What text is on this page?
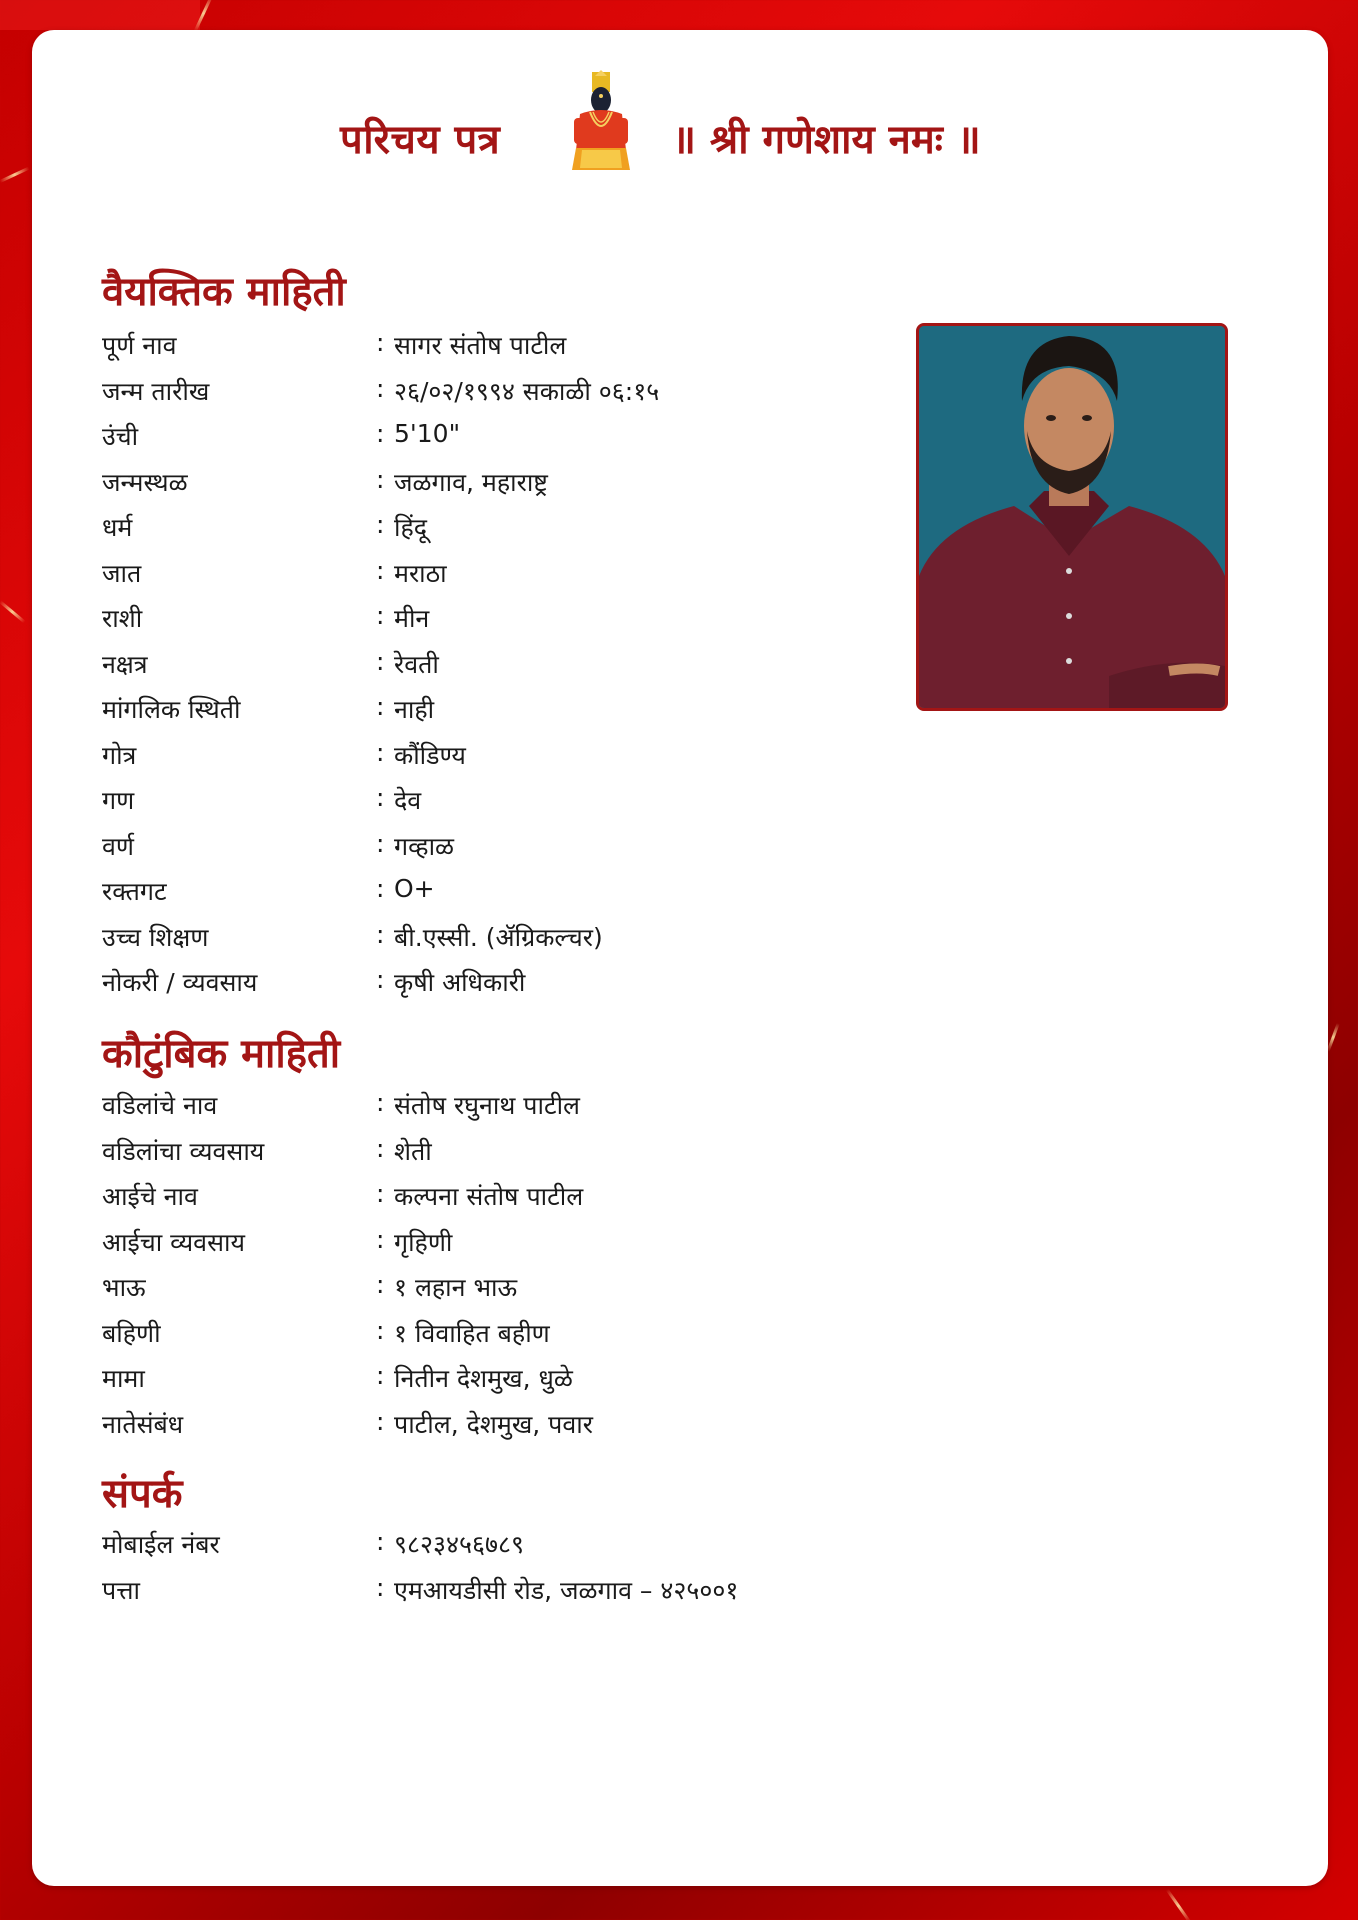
परिचय पत्र	॥ श्री गणेशाय नमः ॥
वैयक्तिक माहिती
पूर्ण नाव	: सागर संतोष पाटील
जन्म तारीख	: २६/०२/१९९४ सकाळी ०६:१५
उंची	: 5'10"
जन्मस्थळ	: जळगाव, महाराष्ट्र
धर्म	: हिंदू
जात	: मराठा
राशी	: मीन
नक्षत्र	: रेवती
मांगलिक स्थिती	: नाही
गोत्र	: कौंडिण्य
गण	: देव
वर्ण	: गव्हाळ
रक्तगट	: O+
उच्च शिक्षण	: बी.एस्सी. (ॲग्रिकल्चर)
नोकरी / व्यवसाय	: कृषी अधिकारी
कौटुंबिक माहिती
वडिलांचे नाव	: संतोष रघुनाथ पाटील
वडिलांचा व्यवसाय	: शेती
आईचे नाव	: कल्पना संतोष पाटील
आईचा व्यवसाय	: गृहिणी
भाऊ	: १ लहान भाऊ
बहिणी	: १ विवाहित बहीण
मामा	: नितीन देशमुख, धुळे
नातेसंबंध	: पाटील, देशमुख, पवार
संपर्क
मोबाईल नंबर	: ९८२३४५६७८९
पत्ता	: एमआयडीसी रोड, जळगाव – ४२५००१
